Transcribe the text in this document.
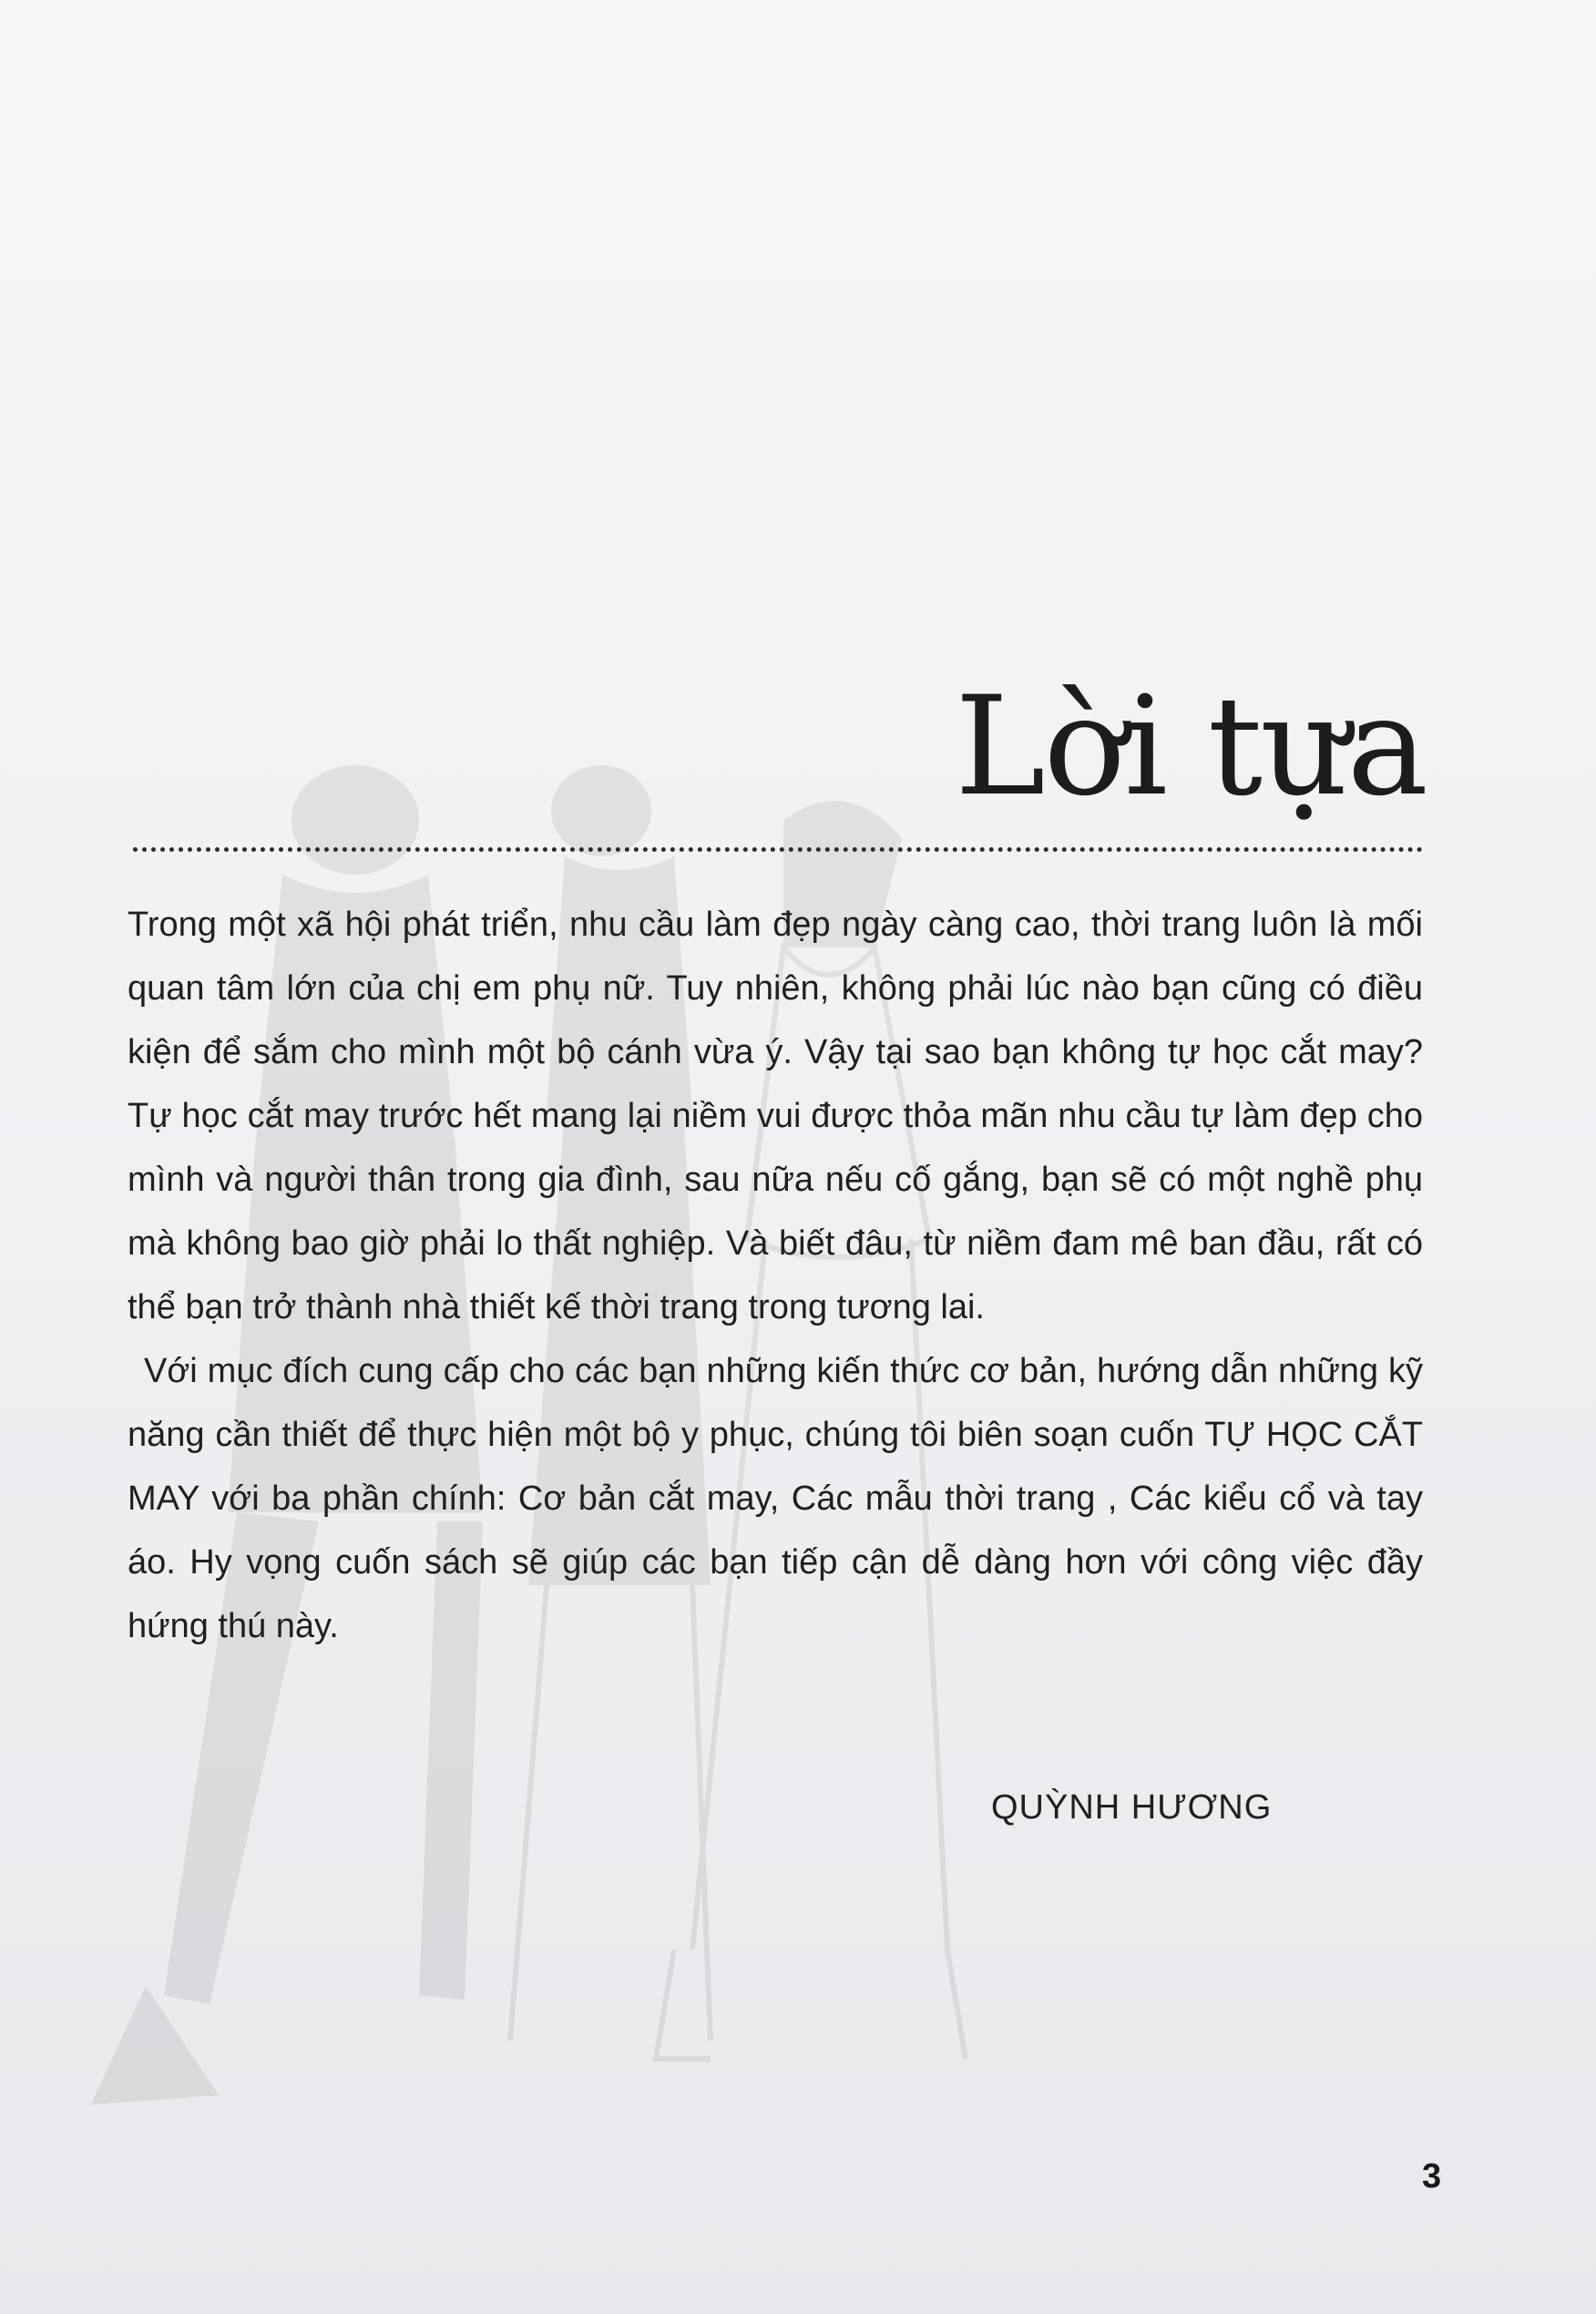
Lời tựa

Trong một xã hội phát triển, nhu cầu làm đẹp ngày càng cao, thời trang luôn là mối quan tâm lớn của chị em phụ nữ. Tuy nhiên, không phải lúc nào bạn cũng có điều kiện để sắm cho mình một bộ cánh vừa ý. Vậy tại sao bạn không tự học cắt may? Tự học cắt may trước hết mang lại niềm vui được thỏa mãn nhu cầu tự làm đẹp cho mình và người thân trong gia đình, sau nữa nếu cố gắng, bạn sẽ có một nghề phụ mà không bao giờ phải lo thất nghiệp. Và biết đâu, từ niềm đam mê ban đầu, rất có thể bạn trở thành nhà thiết kế thời trang trong tương lai.

Với mục đích cung cấp cho các bạn những kiến thức cơ bản, hướng dẫn những kỹ năng cần thiết để thực hiện một bộ y phục, chúng tôi biên soạn cuốn TỰ HỌC CẮT MAY với ba phần chính: Cơ bản cắt may, Các mẫu thời trang , Các kiểu cổ và tay áo. Hy vọng cuốn sách sẽ giúp các bạn tiếp cận dễ dàng hơn với công việc đầy hứng thú này.

QUỲNH HƯƠNG
3
